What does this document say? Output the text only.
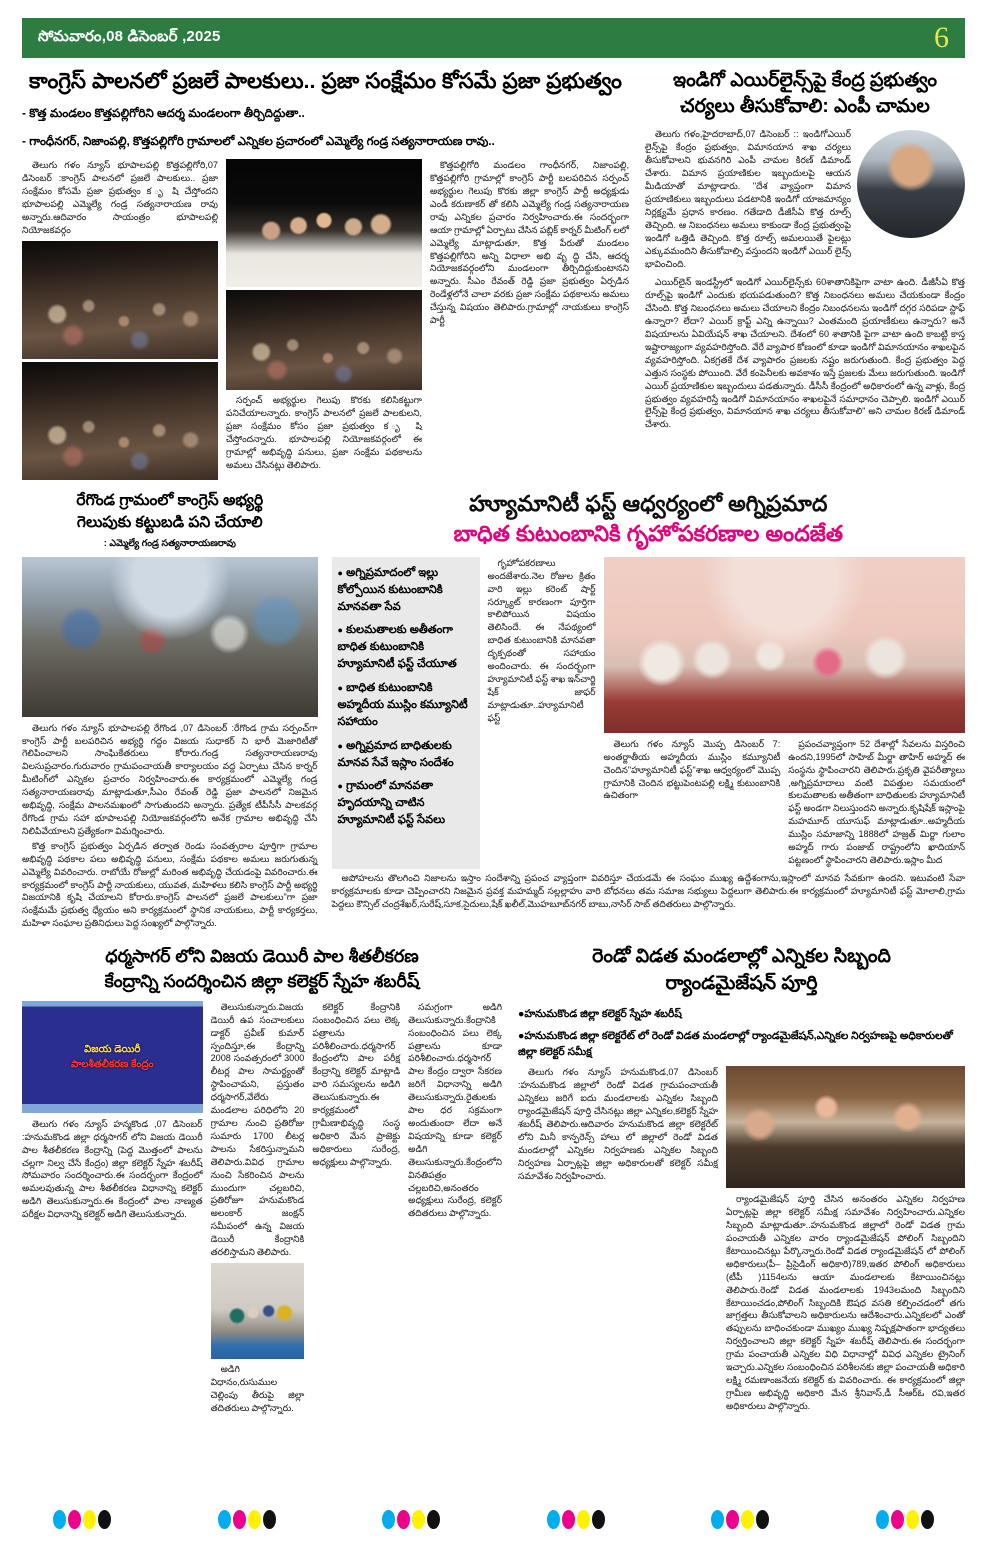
సోమవారం,08 డిసెంబర్ ,2025	6
కాంగ్రెస్ పాలనలో ప్రజలే పాలకులు.. ప్రజా సంక్షేమం కోసమే ప్రజా ప్రభుత్వం
- కొత్త మండలం కొత్తపల్లిగోరిని ఆదర్శ మండలంగా తీర్చిదిద్దుతా..
- గాంధీనగర్, నిజాంపల్లి, కొత్తపల్లిగోరి గ్రామాలలో ఎన్నికల ప్రచారంలో ఎమ్మెల్యే గండ్ర సత్యనారాయణ రావు..

తెలుగు గళం న్యూస్ భూపాలపల్లి కొత్తపల్లిగోరి,07 డిసెంబర్ :కాంగ్రెస్ పాలనలో ప్రజలే పాలకులు.. ప్రజా సంక్షేమం కోసమే ప్రజా ప్రభుత్వం క ృ షి చేస్తోందని భూపాలపల్లి ఎమ్మెల్యే గండ్ర సత్యనారాయణ రావు అన్నారు.ఆదివారం సాయంత్రం భూపాలపల్లి నియోజకవర్గం

సర్పంచ్ అభ్యర్థుల గెలుపు కొరకు కలిసికట్టుగా పనిచేయాలన్నారు. కాంగ్రెస్ పాలనలో ప్రజలే పాలకులని, ప్రజా సంక్షేమం కోసం ప్రజా ప్రభుత్వం క ృ షి చేస్తోందన్నారు. భూపాలపల్లి నియోజకవర్గంలో ఈ గ్రామాల్లో అభివృద్ధి పనులు, ప్రజా సంక్షేమ పథకాలను అమలు చేసినట్లు తెలిపారు.

కొత్తపల్లిగోరి మండలం గాంధీనగర్, నిజాంపల్లి, కొత్తపల్లిగోరి గ్రామాల్లో కాంగ్రెస్ పార్టీ బలపరిచిన సర్పంచ్ అభ్యర్థుల గెలుపు కొరకు జిల్లా కాంగ్రెస్ పార్టీ అధ్యక్షుడు ఎండీ కరుణాకర్ తో కలిసి ఎమ్మెల్యే గండ్ర సత్యనారాయణ రావు ఎన్నికల ప్రచారం నిర్వహించారు.ఈ సందర్భంగా ఆయా గ్రామాల్లో ఏర్పాటు చేసిన పబ్లిక్ కార్నర్ మీటింగ్ లలో ఎమ్మెల్యే మాట్లాడుతూ, కొత్త పేరుతో మండలం కొత్తపల్లిగోరిని అన్ని విధాలా అభి వృ ద్ధి చేసి, ఆదర్శ నియోజకవర్గంలోని మండలంగా తీర్చిదిద్దుకుంటానని అన్నారు. సీఎం రేవంత్ రెడ్డి ప్రజా ప్రభుత్వం ఏర్పడిన రెండేళ్లలోనే చాలా వరకు ప్రజా సంక్షేమ పథకాలను అమలు చేస్తున్న విషయం తెలిపారు.గ్రామాల్లో నాయకులు కాంగ్రెస్ పార్టీ

ఇండిగో ఎయిర్‌లైన్స్‌పై కేంద్ర ప్రభుత్వం
చర్యలు తీసుకోవాలి: ఎంపీ చామల

తెలుగు గళం,హైదరాబాద్,07 డిసెంబర్ :: ఇండిగోఎయిర్ లైన్స్‌పై కేంద్రం ప్రభుత్వం, విమానయాన శాఖ చర్యలు తీసుకోవాలని భువనగిరి ఎంపీ చామల కిరణ్ డిమాండ్ చేశారు. విమాన ప్రయాణికుల ఇబ్బందులపై ఆయన మీడియాతో మాట్లాడారు. "దేశ వ్యాప్తంగా విమాన ప్రయాణికులు ఇబ్బందులు పడటానికి ఇండిగో యాజమాన్యం నిర్లక్ష్యమే ప్రధాన కారణం. గతేడాది డీజీసీఏ కొత్త రూల్స్ తెచ్చింది. ఆ నిబంధనలు అమలు కాకుండా కేంద్ర ప్రభుత్వంపై ఇండిగో ఒత్తిడి తెచ్చింది. కొత్త రూల్స్ అమలయితే పైలట్లు ఎక్కువమందిని తీసుకోవాల్సి వస్తుందని ఇండిగో ఎయిర్ లైన్స్ భావించింది.

ఎయిర్‌లైన్ ఇండస్ట్రీలో ఇండిగో ఎయిర్‌లైన్స్‌కు 60శాతానికిపైగా వాటా ఉంది. డీజీసీఏ కొత్త రూల్స్‌పై ఇండిగో ఎందుకు భయపడుతుంది? కొత్త నిబంధనలు అమలు చేయకుండా కేంద్రం చేసింది. కొత్త నిబంధనలు అమలు చేయాలని కేంద్రం నిబంధనలను ఇండిగో దగ్గర సరిపడా స్టాఫ్ ఉన్నారా? లేదా? ఎయిర్ క్రాఫ్ట్ ఎన్ని ఉన్నాయి? ఎంతమంది ప్రయాణీకులు ఉన్నారు? అనే విషయాలను ఏవియేషన్ శాఖ చేయాలని. దేశంలో 60 శాతానికి పైగా వాటా ఉంది కాబట్టి కాస్త ఇష్టారాజ్యంగా వ్యవహరిస్తోంది. వేరే వ్యాపార కోణంలో కూడా ఇండిగో విమానయానం శాఖలపైన వ్యవహరిస్తోంది. ఏకగ్రతకే దేశ వ్యాపారం ప్రజలకు నష్టం జరుగుతుంది. కేంద్ర ప్రభుత్వం పెద్ద ఎత్తున సంస్థకు పోయింది. వేరే కంపెనీలకు అవకాశం ఇస్తే ప్రజలకు మేలు జరుగుతుంది. ఇండిగో ఎయిర్ ప్రయాణికుల ఇబ్బందులు పడతున్నారు. డీసీసీ కేంద్రంలో అధికారంలో ఉన్న వాళ్లు, కేంద్ర ప్రభుత్వం వ్యవహరిస్తే ఇండిగో విమానయానం శాఖలపైనే సమాధానం చెప్పాలి. ఇండిగో ఎయిర్ లైన్స్‌పై కేంద్ర ప్రభుత్వం, విమానయాన శాఖ చర్యలు తీసుకోవాలి" అని చామల కిరణ్ డిమాండ్ చేశారు.

రేగొండ గ్రామంలో కాంగ్రెస్ అభ్యర్థి
గెలుపుకు కట్టుబడి పని చేయాలి
: ఎమ్మెల్యే గండ్ర సత్యనారాయణరావు

తెలుగు గళం న్యూస్ భూపాలపల్లి రేగొండ ,07 డిసెంబర్ :రేగొండ గ్రామ సర్పంచ్‌గా కాంగ్రెస్ పార్టీ బలపరిచిన అభ్యర్థి గద్దం విజయ సుధాకర్ ని భారీ మెజారిటీతో గెలిపించాలని సాంఘికేతరులు కోరారు.గండ్ర సత్యనారాయణరావు విలసుప్రచారం.గురువారం గ్రామపంచాయతీ కార్యాలయం వద్ద ఏర్పాటు చేసిన కార్నర్ మీటింగ్‌లో ఎన్నికల ప్రచారం నిర్వహించారు.ఈ కార్యక్రమంలో ఎమ్మెల్యే గండ్ర సత్యనారాయణరావు మాట్లాడుతూ,సీఎం రేవంత్ రెడ్డి ప్రజా పాలనలో నిజమైన అభివృద్ధి, సంక్షేమ పాలనమఖంలో సాగుతుందని అన్నారు. ప్రత్యేక టీపీసీసీ పాలకవర్గ రేగొండ గ్రామ సహా భూపాలపల్లి నియోజకవర్గంలోని అనేక గ్రామాల అభివృద్ధి చేసి నిలిపివేయాలని ప్రత్యేకంగా విమర్శించారు.

కొత్త కాంగ్రెస్ ప్రభుత్వం ఏర్పడిన తర్వాత రెండు సంవత్సరాల పూర్తిగా గ్రామాల అభివృద్ధి పథకాల పలు అభివృద్ధి పనులు, సంక్షేమ పథకాల అమలు జరుగుతున్న ఎమ్మెల్యే వివరించారు. రాబోయే రోజుల్లో మరింత అభివృద్ధి చేయడంపై వివరించారు.ఈ కార్యక్రమంలో కాంగ్రెస్ పార్టీ నాయకులు, యువత, మహిళలు కలిసి కాంగ్రెస్ పార్టీ అభ్యర్థి విజయానికి కృషి చేయాలని కోరారు.కాంగ్రెస్ పాలనలో ప్రజలే పాలకులు"గా ప్రజా సంక్షేమమే ప్రభుత్వ ధ్యేయం అని కార్యక్రమంలో స్థానిక నాయకులు, పార్టీ కార్యకర్తలు, మహిళా సంఘాల ప్రతినిధులు పెద్ద సంఖ్యలో పాల్గొన్నారు.

హ్యూమానిటీ ఫస్ట్ ఆధ్వర్యంలో అగ్నిప్రమాద
బాధిత కుటుంబానికి గృహోపకరణాల అందజేత
● అగ్నిప్రమాదంలో ఇల్లు కోల్పోయిన కుటుంబానికి మానవతా సేవ
● కులమతాలకు అతీతంగా బాధిత కుటుంబానికి హ్యూమానిటీ ఫస్ట్ చేయూత
● బాధిత కుటుంబానికి అహ్మదీయ ముస్లిం కమ్యూనిటీ సహాయం
● అగ్నిప్రమాద బాధితులకు మానవ సేవే ఇస్లాం సందేశం
● గ్రామంలో మానవతా హృదయాన్ని చాటిన హ్యూమానిటీ ఫస్ట్ సేవలు

గృహోపకరణాలు అందజేశారు.నెల రోజుల క్రితం వారి ఇల్లు కరెంట్ షార్ట్ సర్క్యూట్ కారణంగా పూర్తిగా కాలిపోయిన విషయం తెలిసిందే. ఈ నేపథ్యంలో బాధిత కుటుంబానికి మానవతా దృక్పథంతో సహాయం అందించారు. ఈ సందర్భంగా హ్యూమానిటీ ఫస్ట్ శాఖ ఇన్‌చార్జి షేక్ జాఫర్ మాట్లాడుతూ..హ్యూమానిటీ ఫస్ట్

తెలుగు గళం న్యూస్ మొప్ప డిసెంబర్ 7: అంతర్జాతీయ అహ్మదీయ ముస్లిం కమ్యూనిటీ చెందిన"హ్యూమానిటీ ఫస్ట్"శాఖ ఆధ్వర్యంలో మొప్ప గ్రామానికి చెందిన భట్టుపెంటపల్లి లక్ష్మి కుటుంబానికి ఉచితంగా

ప్రపంచవ్యాప్తంగా 52 దేశాల్లో సేవలను విస్తరించి ఉందని,1995లో సాహిబ్ మీర్జా తాహిర్ అహ్మద్ ఈ సంస్థను స్థాపించారని తెలిపారు.ప్రకృతి వైపరీత్యాలు ,అగ్నిప్రమాదాలు వంటి విపత్తుల సమయంలో కులమతాలకు అతీతంగా బాధితులకు హ్యూమానిటీ ఫస్ట్ అండగా నిలుస్తుందని అన్నారు.కృషిషేక్ ఇస్లాంపై మహమూద్ యూసుఫ్ మాట్లాడుతూ..అహ్మదీయ ముస్లిం సమాజాన్ని 1888లో హజ్రత్ మిర్జా గులాం అహ్మద్ గారు పంజాబ్ రాష్ట్రంలోని ఖాదియాన్ పట్టణంలో స్థాపించారని తెలిపారు.ఇస్లాం మీద

అపోహలను తొలగించి నిజాలను ఇస్తాం సందేశాన్ని ప్రపంచ వ్యాప్తంగా వివరిస్తూ చేయడమే ఈ సంఘం ముఖ్య ఉద్దేశంగాను,ఇస్లాంలో మానవ సేవకుగా ఉందని. ఇటువంటి సేవా కార్యక్రమాలకు కూడా చెప్పించారని నిజమైన ప్రవక్త మహమ్మద్ సల్లల్లాహు వారి బోధనలు తమ సమాజ సభ్యులు పెద్దలుగా తెలిపారు.ఈ కార్యక్రమంలో హ్యూమానిటీ ఫస్ట్ మోలాలి,గ్రామ పెద్దలు కౌన్సిల్ చంద్రశేఖర్,సురేష్,సూక,సైదులు,షేక్ ఖలీల్,మొహబూబ్‌నగర్ బాబు,నాసిర్ సాబ్ తదితరులు పాల్గొన్నారు.

ధర్మసాగర్ లోని విజయ డెయిరీ పాల శీతలీకరణ
కేంద్రాన్ని సందర్శించిన జిల్లా కలెక్టర్ స్నేహ శబరీష్
విజయ డెయిరీ
పాలశీతలీకరణ కేంద్రం

తెలుగు గళం న్యూస్ హన్మకొండ ,07 డిసెంబర్ :హనుమకొండ జిల్లా ధర్మసాగర్ లోని విజయ డెయిరీ పాల శీతలీకరణ కేంద్రాన్ని (పెద్ద మొత్తంలో పాలను చల్లగా నిల్వ చేసే కేంద్రం) జిల్లా కలెక్టర్ స్నేహ శబరీష్ సోమవారం సందర్శించారు.ఈ సందర్భంగా కేంద్రంలో అమలవుతున్న పాల శీతలీకరణ విధానాన్ని కలెక్టర్ అడిగి తెలుసుకున్నారు.ఈ కేంద్రంలో పాల నాణ్యత పరీక్షల విధానాన్ని కలెక్టర్ అడిగి తెలుసుకున్నారు.

తెలుసుకున్నారు.విజయ డెయిరీ ఉప సంచాలకులు డాక్టర్ ప్రవీణ్ కుమార్ స్పందిస్తూ,ఈ కేంద్రాన్ని 2008 సంవత్సరంలో 3000 లీటర్ల పాల సామర్థ్యంతో స్థాపించామని, ప్రస్తుతం ధర్మసాగర్,వేలేరు మండలాల పరిధిలోని 20 గ్రామాల నుంచి ప్రతిరోజు సుమారు 1700 లీటర్ల పాలను సేకరిస్తున్నామని తెలిపారు.వివిధ గ్రామాల నుంచి సేకరించిన పాలను ముందుగా చల్లబరిచి, ప్రతిరోజూ హనుమకొండ అలంకార్ జంక్షన్ సమీపంలో ఉన్న విజయ డెయిరీ కేంద్రానికి తరలిస్తామని తెలిపారు.

అడిగి విధానం,రుసుముల చెల్లింపు తీరుపై జిల్లా తదితరులు పాల్గొన్నారు.

కలెక్టర్ కేంద్రానికి సంబంధించిన పలు లెక్క పత్రాలను పరిశీలించారు.ధర్మసాగర్ కేంద్రంలోని పాల పరీక్ష కేంద్రాన్ని కలెక్టర్ మాట్లాడి వారి సమస్యలను అడిగి తెలుసుకున్నారు.ఈ కార్యక్రమంలో గ్రామీణాభివృద్ధి సంస్థ అధికారి మేన ప్రాజెక్టు అధికారులు సురేంద్ర, అధ్యక్షులు పాల్గొన్నారు.

సమగ్రంగా అడిగి తెలుసుకున్నారు.కేంద్రానికి సంబంధించిన పలు లెక్క పత్రాలను కూడా పరిశీలించారు.ధర్మసాగర్ పాల కేంద్రం ద్వారా సేకరణ జరిగే విధానాన్ని అడిగి తెలుసుకున్నారు.రైతులకు పాల ధర సక్రమంగా అందుతుందా లేదా అనే విషయాన్ని కూడా కలెక్టర్ అడిగి తెలుసుకున్నారు.కేంద్రంలోని వినతిపత్రం చల్లబరిచి,అనంతరం అధ్యక్షులు సురేంద్ర, కలెక్టర్ తదితరులు పాల్గొన్నారు.

రెండో విడత మండలాల్లో ఎన్నికల సిబ్బంది
ర్యాండమైజేషన్ పూర్తి
●హనుమకొండ జిల్లా కలెక్టర్ స్నేహ శబరీష్
●హనుమకొండ జిల్లా కలెక్టరేట్ లో రెండో విడత మండలాల్లో ర్యాండమైజేషన్,ఎన్నికల నిర్వహణపై అధికారులతో జిల్లా కలెక్టర్ సమీక్ష

తెలుగు గళం న్యూస్ హనుమకొండ,07 డిసెంబర్ :హనుమకొండ జిల్లాలో రెండో విడత గ్రామపంచాయతీ ఎన్నికలు జరిగే ఐదు మండలాలకు ఎన్నికల సిబ్బంది ర్యాండమైజేషన్ పూర్తి చేసినట్లు జిల్లా ఎన్నికల,కలెక్టర్ స్నేహ శబరీష్ తెలిపారు.ఆదివారం హనుమకొండ జిల్లా కలెక్టరేట్ లోని మినీ కాన్ఫరెన్స్ హాలు లో జిల్లాలో రెండో విడత మండలాల్లో ఎన్నికల నిర్వహణకు ఎన్నికల సిబ్బంది నిర్వహణ ఏర్పాట్లపై జిల్లా అధికారులతో కలెక్టర్ సమీక్ష సమావేశం నిర్వహించారు.

ర్యాండమైజేషన్ పూర్తి చేసిన అనంతరం ఎన్నికల నిర్వహణ ఏర్పాట్లపై జిల్లా కలెక్టర్ సమీక్ష సమావేశం నిర్వహించారు.ఎన్నికల సిబ్బంది మాట్లాడుతూ..హనుమకొండ జిల్లాలో రెండో విడత గ్రామ పంచాయతీ ఎన్నికల వారం ర్యాండమైజేషన్ పోలింగ్ సిబ్బందిని కేటాయించినట్లు పేర్కొన్నారు.రెండో విడత ర్యాండమైజేషన్ లో పోలింగ్ అధికారులు(పీ– ప్రిసైడింగ్ అధికారి)789,ఇతర పోలింగ్ అధికారులు (టీపీ )1154లను ఆయా మండలాలకు కేటాయించినట్లు తెలిపారు.రెండో విడత మండలాలకు 1943లమంది సిబ్బందిని కేటాయించడం,పోలింగ్ సిబ్బందికి ఔషధ వసతి కల్పించడంలో తగు జాగ్రత్తలు తీసుకోవాలని అధికారులను ఆదేశించారు.ఎన్నికలలో ఎంతో తప్పులను బాధించకుండా ముఖ్యం ముఖ్య నిష్పక్షపాతంగా భాద్యతలు నిర్వర్తించాలని జిల్లా కలెక్టర్ స్నేహ శబరీష్ తెలిపారు.ఈ సందర్భంగా గ్రామ పంచాయతీ ఎన్నికల విధి విధానాల్లో వివిధ ఎన్నికల ట్రైనింగ్ ఇచ్చారు.ఎన్నికల సంబంధించిన పరిశీలనకు జిల్లా పంచాయతీ అధికారి లక్ష్మి రమణాంజనేయ కలెక్టర్ కు వివరించారు. ఈ కార్యక్రమంలో జిల్లా గ్రామీణ అభివృద్ధి అధికారి మేన శ్రీనివాస్,డీ సీఆర్ఓ రవి,ఇతర అధికారులు పాల్గొన్నారు.
